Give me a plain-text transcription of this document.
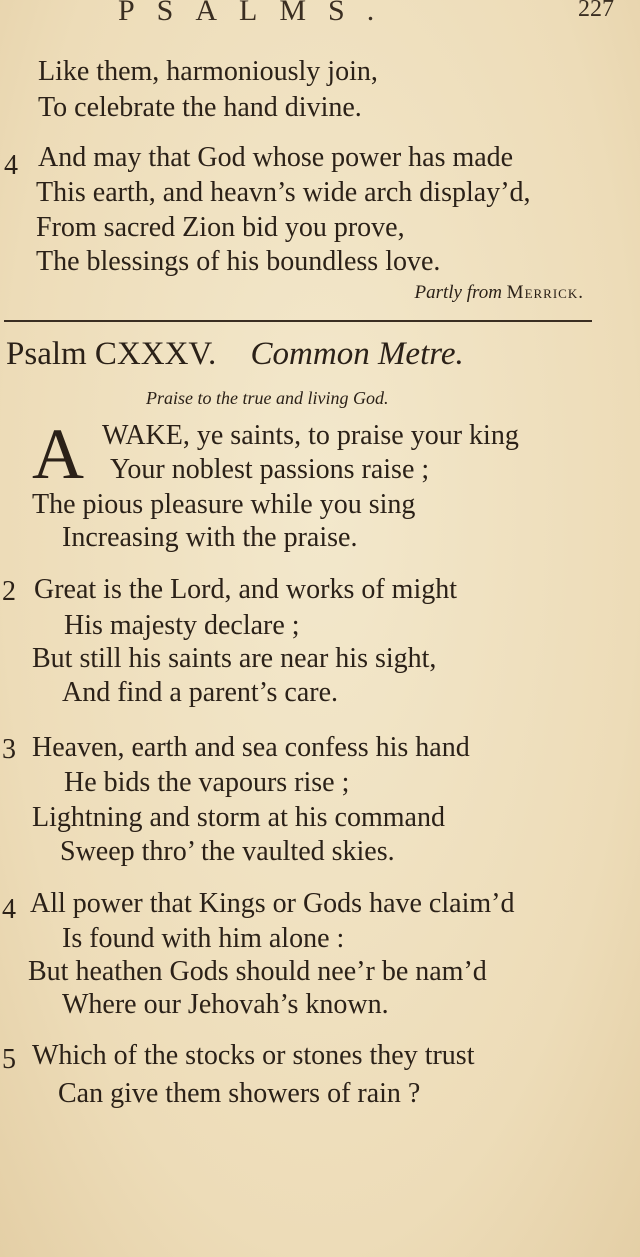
PSALMS.	227
Like them, harmoniously join,
To celebrate the hand divine.
4 And may that God whose power has made
This earth, and heavn’s wide arch display’d,
From sacred Zion bid you prove,
The blessings of his boundless love.
Partly from Merrick.
Psalm CXXXV. Common Metre.
Praise to the true and living God.
A WAKE, ye saints, to praise your king
Your noblest passions raise ;
The pious pleasure while you sing
Increasing with the praise.
2 Great is the Lord, and works of might
His majesty declare ;
But still his saints are near his sight,
And find a parent’s care.
3 Heaven, earth and sea confess his hand
He bids the vapours rise ;
Lightning and storm at his command
Sweep thro’ the vaulted skies.
4 All power that Kings or Gods have claim’d
Is found with him alone :
But heathen Gods should nee’r be nam’d
Where our Jehovah’s known.
5 Which of the stocks or stones they trust
Can give them showers of rain ?
